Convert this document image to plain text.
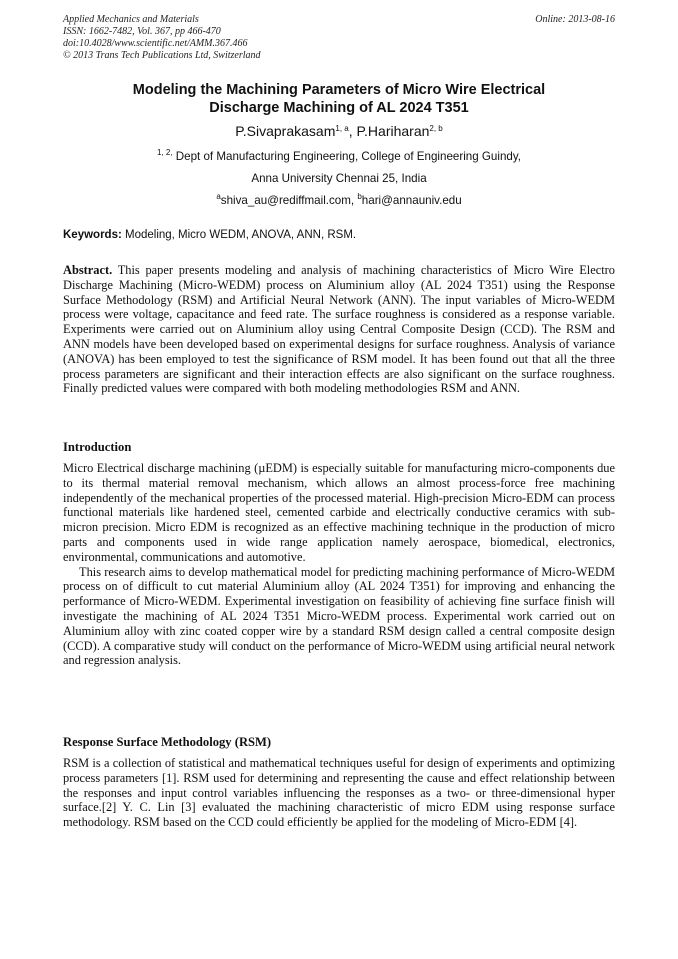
Applied Mechanics and Materials
ISSN: 1662-7482, Vol. 367, pp 466-470
doi:10.4028/www.scientific.net/AMM.367.466
© 2013 Trans Tech Publications Ltd, Switzerland
Online: 2013-08-16
Modeling the Machining Parameters of Micro Wire Electrical
Discharge Machining of AL 2024 T351
P.Sivaprakasam$^{1, a}$, P.Hariharan$^{2, b}$
$^{1, 2,}$ Dept of Manufacturing Engineering, College of Engineering Guindy,
Anna University Chennai 25, India
$^a$shiva_au@rediffmail.com, $^b$hari@annauniv.edu
Keywords: Modeling, Micro WEDM, ANOVA, ANN, RSM.

Abstract. This paper presents modeling and analysis of machining characteristics of Micro Wire Electro Discharge Machining (Micro-WEDM) process on Aluminium alloy (AL 2024 T351) using the Response Surface Methodology (RSM) and Artificial Neural Network (ANN). The input variables of Micro-WEDM process were voltage, capacitance and feed rate. The surface roughness is considered as a response variable. Experiments were carried out on Aluminium alloy using Central Composite Design (CCD). The RSM and ANN models have been developed based on experimental designs for surface roughness. Analysis of variance (ANOVA) has been employed to test the significance of RSM model. It has been found out that all the three process parameters are significant and their interaction effects are also significant on the surface roughness. Finally predicted values were compared with both modeling methodologies RSM and ANN.

Introduction

Micro Electrical discharge machining (µEDM) is especially suitable for manufacturing micro-components due to its thermal material removal mechanism, which allows an almost process-force free machining independently of the mechanical properties of the processed material. High-precision Micro-EDM can process functional materials like hardened steel, cemented carbide and electrically conductive ceramics with sub-micron precision. Micro EDM is recognized as an effective machining technique in the production of micro parts and components used in wide range application namely aerospace, biomedical, electronics, environmental, communications and automotive.

This research aims to develop mathematical model for predicting machining performance of Micro-WEDM process on of difficult to cut material Aluminium alloy (AL 2024 T351) for improving and enhancing the performance of Micro-WEDM. Experimental investigation on feasibility of achieving fine surface finish will investigate the machining of AL 2024 T351 Micro-WEDM process. Experimental work carried out on Aluminium alloy with zinc coated copper wire by a standard RSM design called a central composite design (CCD). A comparative study will conduct on the performance of Micro-WEDM using artificial neural network and regression analysis.

Response Surface Methodology (RSM)

RSM is a collection of statistical and mathematical techniques useful for design of experiments and optimizing process parameters [1]. RSM used for determining and representing the cause and effect relationship between the responses and input control variables influencing the responses as a two- or three-dimensional hyper surface.[2] Y. C. Lin [3] evaluated the machining characteristic of micro EDM using response surface methodology. RSM based on the CCD could efficiently be applied for the modeling of Micro-EDM [4].
